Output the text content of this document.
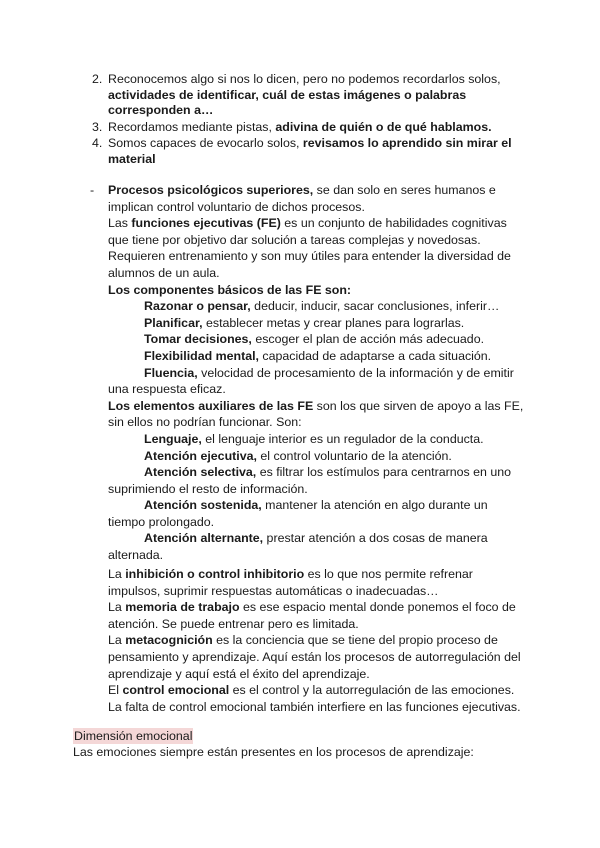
2. Reconocemos algo si nos lo dicen, pero no podemos recordarlos solos, actividades de identificar, cuál de estas imágenes o palabras corresponden a…
3. Recordamos mediante pistas, adivina de quién o de qué hablamos.
4. Somos capaces de evocarlo solos, revisamos lo aprendido sin mirar el material
- Procesos psicológicos superiores, se dan solo en seres humanos e implican control voluntario de dichos procesos.

Las funciones ejecutivas (FE) es un conjunto de habilidades cognitivas que tiene por objetivo dar solución a tareas complejas y novedosas. Requieren entrenamiento y son muy útiles para entender la diversidad de alumnos de un aula.

Los componentes básicos de las FE son:

Razonar o pensar, deducir, inducir, sacar conclusiones, inferir…

Planificar, establecer metas y crear planes para lograrlas.

Tomar decisiones, escoger el plan de acción más adecuado.

Flexibilidad mental, capacidad de adaptarse a cada situación.

Fluencia, velocidad de procesamiento de la información y de emitir una respuesta eficaz.

Los elementos auxiliares de las FE son los que sirven de apoyo a las FE, sin ellos no podrían funcionar. Son:

Lenguaje, el lenguaje interior es un regulador de la conducta.

Atención ejecutiva, el control voluntario de la atención.

Atención selectiva, es filtrar los estímulos para centrarnos en uno suprimiendo el resto de información.

Atención sostenida, mantener la atención en algo durante un tiempo prolongado.

Atención alternante, prestar atención a dos cosas de manera alternada.

La inhibición o control inhibitorio es lo que nos permite refrenar impulsos, suprimir respuestas automáticas o inadecuadas…

La memoria de trabajo es ese espacio mental donde ponemos el foco de atención. Se puede entrenar pero es limitada.

La metacognición es la conciencia que se tiene del propio proceso de pensamiento y aprendizaje. Aquí están los procesos de autorregulación del aprendizaje y aquí está el éxito del aprendizaje.

El control emocional es el control y la autorregulación de las emociones. La falta de control emocional también interfiere en las funciones ejecutivas.

Dimensión emocional

Las emociones siempre están presentes en los procesos de aprendizaje:
